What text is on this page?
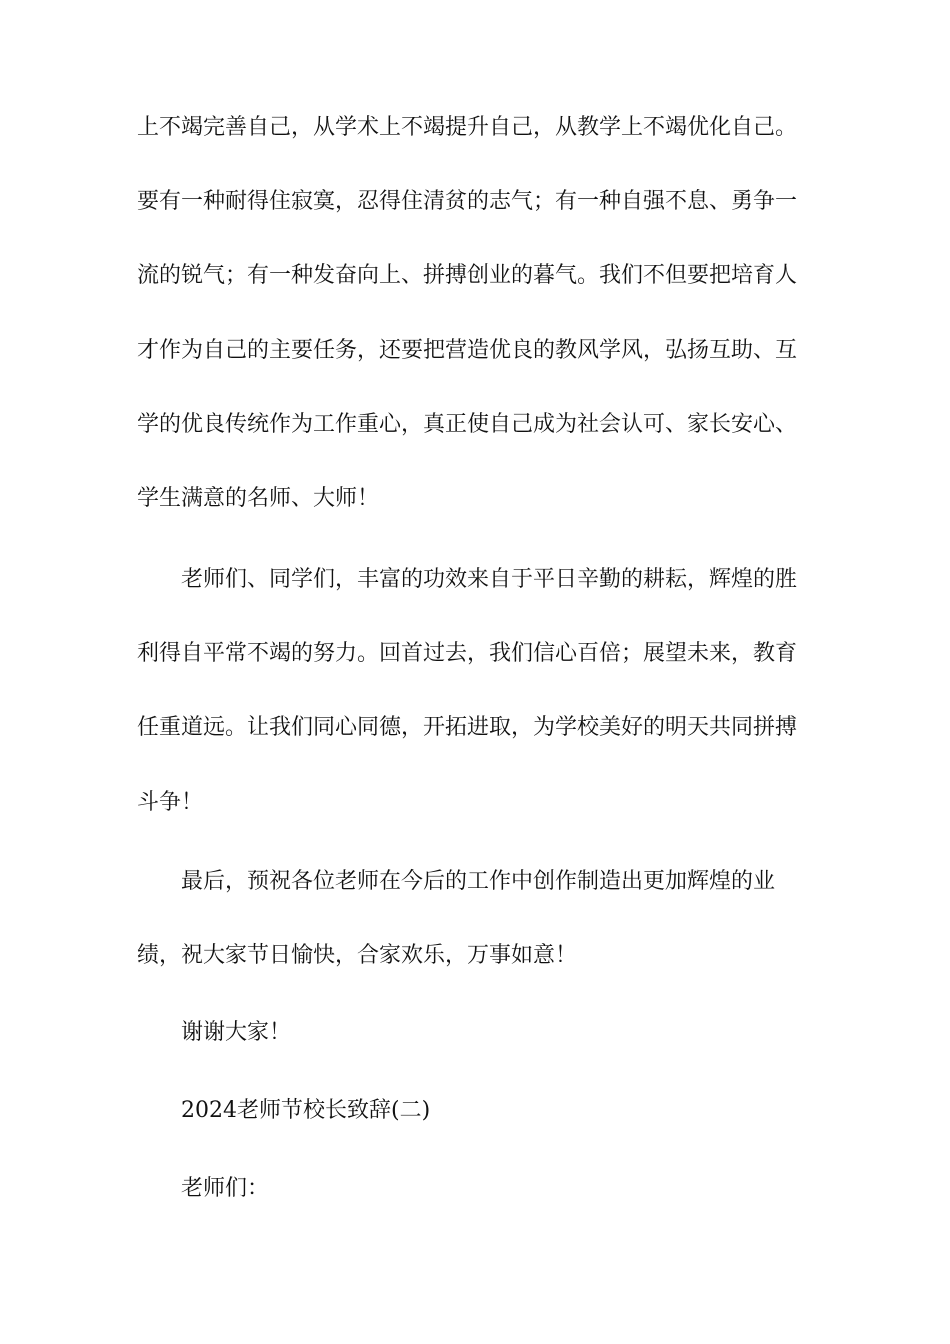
上不竭完善自己，从学术上不竭提升自己，从教学上不竭优化自己。
要有一种耐得住寂寞，忍得住清贫的志气；有一种自强不息、勇争一
流的锐气；有一种发奋向上、拼搏创业的暮气。我们不但要把培育人
才作为自己的主要任务，还要把营造优良的教风学风，弘扬互助、互
学的优良传统作为工作重心，真正使自己成为社会认可、家长安心、
学生满意的名师、大师！
老师们、同学们，丰富的功效来自于平日辛勤的耕耘，辉煌的胜
利得自平常不竭的努力。回首过去，我们信心百倍；展望未来，教育
任重道远。让我们同心同德，开拓进取，为学校美好的明天共同拼搏
斗争！
最后，预祝各位老师在今后的工作中创作制造出更加辉煌的业
绩，祝大家节日愉快，合家欢乐，万事如意！
谢谢大家！
2024老师节校长致辞(二)
老师们：
